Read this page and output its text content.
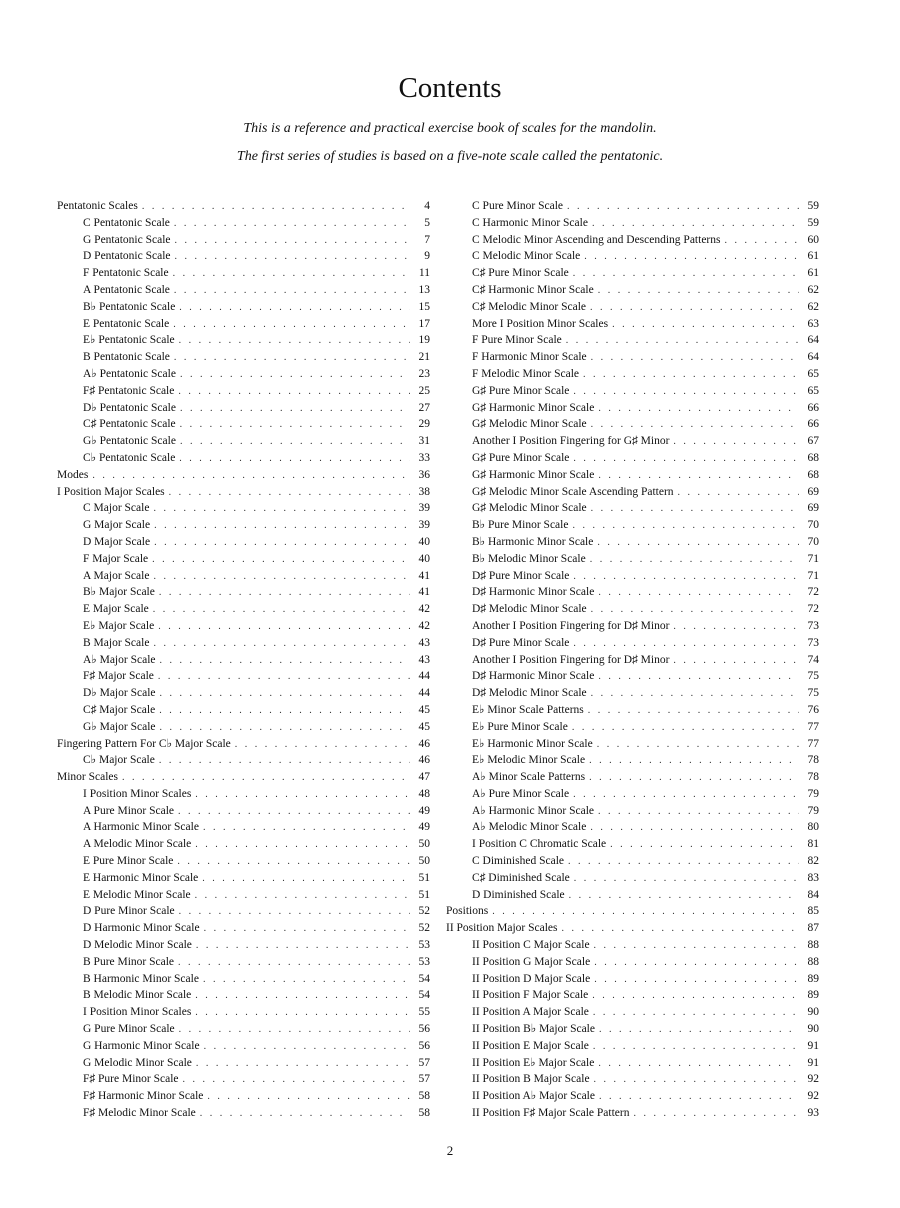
Contents
This is a reference and practical exercise book of scales for the mandolin.
The first series of studies is based on a five-note scale called the pentatonic.
Pentatonic Scales . . .	4
C Pentatonic Scale . . .	5
G Pentatonic Scale . . .	7
D Pentatonic Scale . . .	9
F Pentatonic Scale . . .	11
A Pentatonic Scale . . .	13
B♭ Pentatonic Scale . . .	15
E Pentatonic Scale . . .	17
E♭ Pentatonic Scale . . .	19
B Pentatonic Scale . . .	21
A♭ Pentatonic Scale . . .	23
F♯ Pentatonic Scale . . .	25
D♭ Pentatonic Scale . . .	27
C♯ Pentatonic Scale . . .	29
G♭ Pentatonic Scale . . .	31
C♭ Pentatonic Scale . . .	33
Modes . . .	36
I Position Major Scales . . .	38
C Major Scale . . .	39
G Major Scale . . .	39
D Major Scale . . .	40
F Major Scale . . .	40
A Major Scale . . .	41
B♭ Major Scale . . .	41
E Major Scale . . .	42
E♭ Major Scale . . .	42
B Major Scale . . .	43
A♭ Major Scale . . .	43
F♯ Major Scale . . .	44
D♭ Major Scale . . .	44
C♯ Major Scale . . .	45
G♭ Major Scale . . .	45
Fingering Pattern For C♭ Major Scale . . .	46
C♭ Major Scale . . .	46
Minor Scales . . .	47
I Position Minor Scales . . .	48
A Pure Minor Scale . . .	49
A Harmonic Minor Scale . . .	49
A Melodic Minor Scale . . .	50
E Pure Minor Scale . . .	50
E Harmonic Minor Scale . . .	51
E Melodic Minor Scale . . .	51
D Pure Minor Scale . . .	52
D Harmonic Minor Scale . . .	52
D Melodic Minor Scale . . .	53
B Pure Minor Scale . . .	53
B Harmonic Minor Scale . . .	54
B Melodic Minor Scale . . .	54
I Position Minor Scales . . .	55
G Pure Minor Scale . . .	56
G Harmonic Minor Scale . . .	56
G Melodic Minor Scale . . .	57
F♯ Pure Minor Scale . . .	57
F♯ Harmonic Minor Scale . . .	58
F♯ Melodic Minor Scale . . .	58
C Pure Minor Scale . . .	59
C Harmonic Minor Scale . . .	59
C Melodic Minor Ascending and Descending Patterns . . .	60
C Melodic Minor Scale . . .	61
C♯ Pure Minor Scale . . .	61
C♯ Harmonic Minor Scale . . .	62
C♯ Melodic Minor Scale . . .	62
More I Position Minor Scales . . .	63
F Pure Minor Scale . . .	64
F Harmonic Minor Scale . . .	64
F Melodic Minor Scale . . .	65
G♯ Pure Minor Scale . . .	65
G♯ Harmonic Minor Scale . . .	66
G♯ Melodic Minor Scale . . .	66
Another I Position Fingering for G♯ Minor . . .	67
G♯ Pure Minor Scale . . .	68
G♯ Harmonic Minor Scale . . .	68
G♯ Melodic Minor Scale Ascending Pattern . . .	69
G♯ Melodic Minor Scale . . .	69
B♭ Pure Minor Scale . . .	70
B♭ Harmonic Minor Scale . . .	70
B♭ Melodic Minor Scale . . .	71
D♯ Pure Minor Scale . . .	71
D♯ Harmonic Minor Scale . . .	72
D♯ Melodic Minor Scale . . .	72
Another I Position Fingering for D♯ Minor . . .	73
D♯ Pure Minor Scale . . .	73
Another I Position Fingering for D♯ Minor . . .	74
D♯ Harmonic Minor Scale . . .	75
D♯ Melodic Minor Scale . . .	75
E♭ Minor Scale Patterns . . .	76
E♭ Pure Minor Scale . . .	77
E♭ Harmonic Minor Scale . . .	77
E♭ Melodic Minor Scale . . .	78
A♭ Minor Scale Patterns . . .	78
A♭ Pure Minor Scale . . .	79
A♭ Harmonic Minor Scale . . .	79
A♭ Melodic Minor Scale . . .	80
I Position C Chromatic Scale . . .	81
C Diminished Scale . . .	82
C♯ Diminished Scale . . .	83
D Diminished Scale . . .	84
Positions . . .	85
II Position Major Scales . . .	87
II Position C Major Scale . . .	88
II Position G Major Scale . . .	88
II Position D Major Scale . . .	89
II Position F Major Scale . . .	89
II Position A Major Scale . . .	90
II Position B♭ Major Scale . . .	90
II Position E Major Scale . . .	91
II Position E♭ Major Scale . . .	91
II Position B Major Scale . . .	92
II Position A♭ Major Scale . . .	92
II Position F♯ Major Scale Pattern . . .	93
2
